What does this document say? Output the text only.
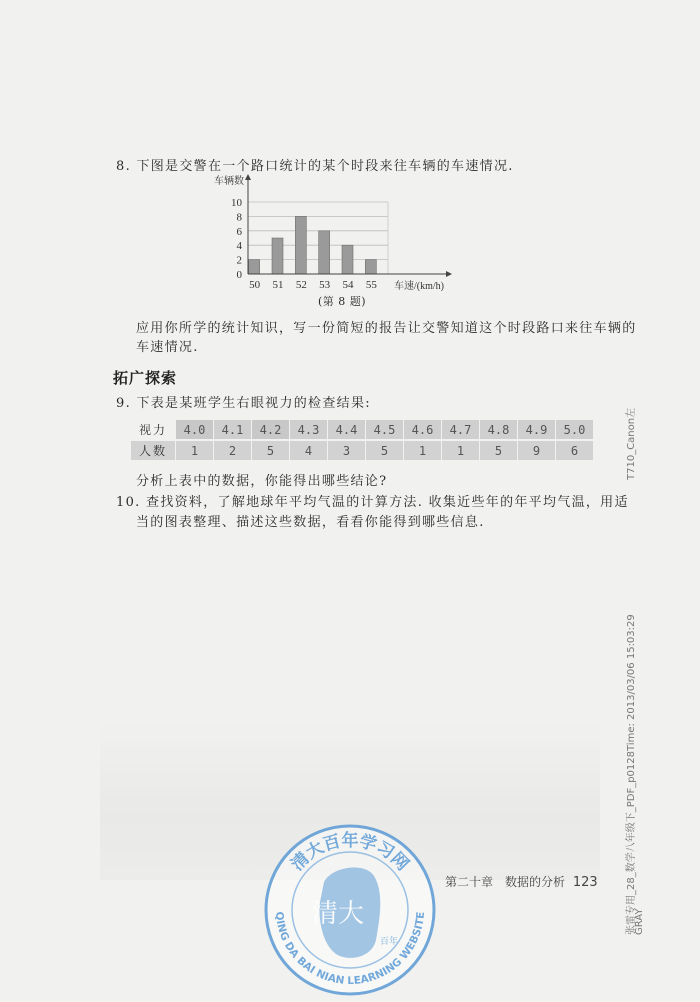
8. 下图是交警在一个路口统计的某个时段来往车辆的车速情况.
0
2
4
6
8
10
50 51 52 53 54 55
车辆数
车速/(km/h)
(第 8 题)
应用你所学的统计知识，写一份简短的报告让交警知道这个时段路口来往车辆的
车速情况.
拓广探索
9. 下表是某班学生右眼视力的检查结果:
视力	4.0	4.1	4.2	4.3	4.4	4.5	4.6	4.7	4.8	4.9	5.0
人数	1	2	5	4	3	5	1	1	5	9	6
分析上表中的数据，你能得出哪些结论?
10. 查找资料，了解地球年平均气温的计算方法. 收集近些年的年平均气温，用适
当的图表整理、描述这些数据，看看你能得到哪些信息.
第二十章　数据的分析 123
T710_Canon左
张雷专用_28_数学八年级下_PDF_p0128Time: 2013/03/06 15:03:29
GRAY
清大百年学习网
QING DA BAI NIAN LEARNING WEBSITE
清大
百年
